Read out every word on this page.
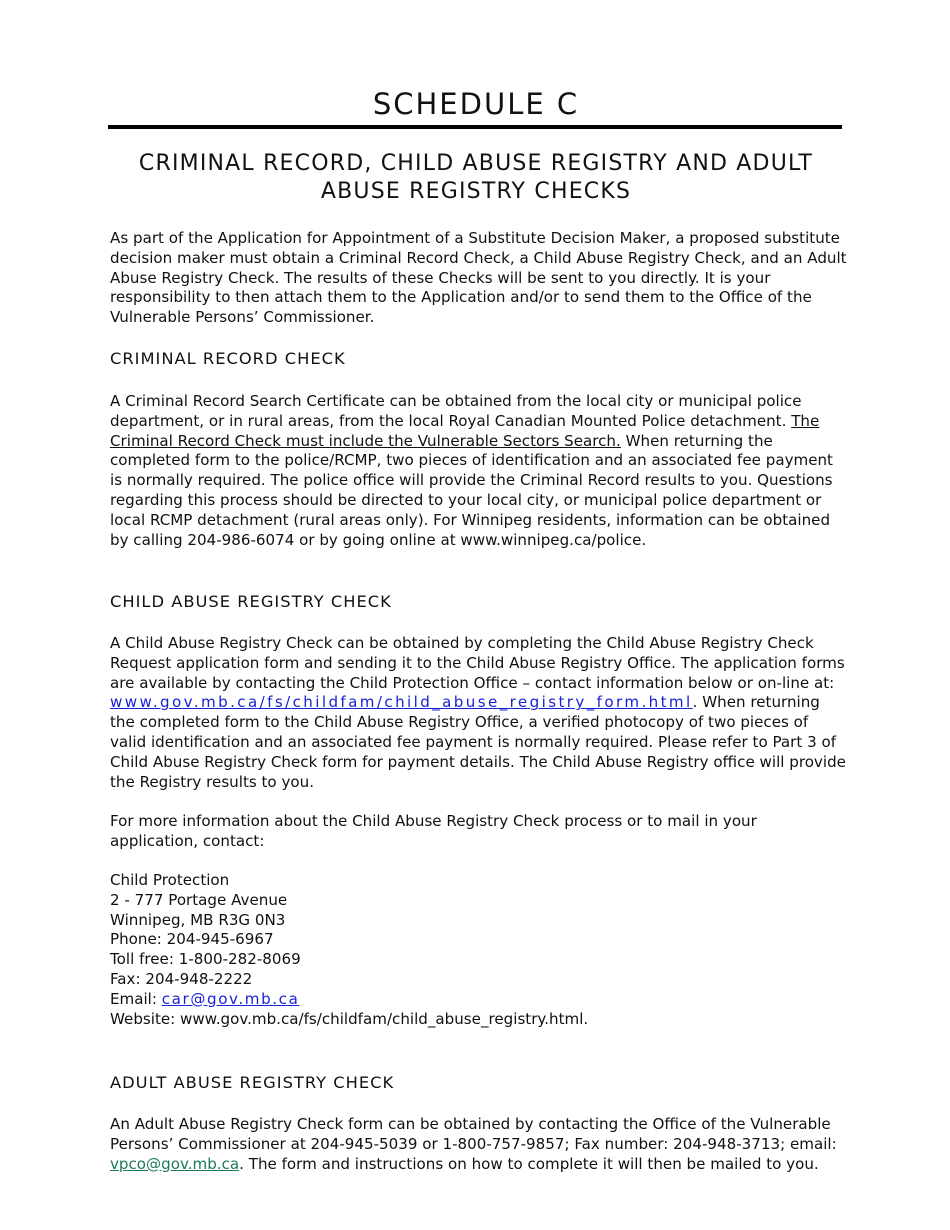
SCHEDULE C
CRIMINAL RECORD, CHILD ABUSE REGISTRY AND ADULT ABUSE REGISTRY CHECKS

As part of the Application for Appointment of a Substitute Decision Maker, a proposed substitute decision maker must obtain a Criminal Record Check, a Child Abuse Registry Check, and an Adult Abuse Registry Check. The results of these Checks will be sent to you directly. It is your responsibility to then attach them to the Application and/or to send them to the Office of the Vulnerable Persons’ Commissioner.

CRIMINAL RECORD CHECK

A Criminal Record Search Certificate can be obtained from the local city or municipal police department, or in rural areas, from the local Royal Canadian Mounted Police detachment. The Criminal Record Check must include the Vulnerable Sectors Search. When returning the completed form to the police/RCMP, two pieces of identification and an associated fee payment is normally required. The police office will provide the Criminal Record results to you. Questions regarding this process should be directed to your local city, or municipal police department or local RCMP detachment (rural areas only). For Winnipeg residents, information can be obtained by calling 204-986-6074 or by going online at www.winnipeg.ca/police.

CHILD ABUSE REGISTRY CHECK

A Child Abuse Registry Check can be obtained by completing the Child Abuse Registry Check Request application form and sending it to the Child Abuse Registry Office. The application forms are available by contacting the Child Protection Office – contact information below or on-line at: www.gov.mb.ca/fs/childfam/child_abuse_registry_form.html. When returning the completed form to the Child Abuse Registry Office, a verified photocopy of two pieces of valid identification and an associated fee payment is normally required. Please refer to Part 3 of Child Abuse Registry Check form for payment details. The Child Abuse Registry office will provide the Registry results to you.

For more information about the Child Abuse Registry Check process or to mail in your application, contact:

Child Protection
2 - 777 Portage Avenue
Winnipeg, MB R3G 0N3
Phone: 204-945-6967
Toll free: 1-800-282-8069
Fax: 204-948-2222
Email: car@gov.mb.ca
Website: www.gov.mb.ca/fs/childfam/child_abuse_registry.html.
ADULT ABUSE REGISTRY CHECK

An Adult Abuse Registry Check form can be obtained by contacting the Office of the Vulnerable Persons’ Commissioner at 204-945-5039 or 1-800-757-9857; Fax number: 204-948-3713; email: vpco@gov.mb.ca. The form and instructions on how to complete it will then be mailed to you.
